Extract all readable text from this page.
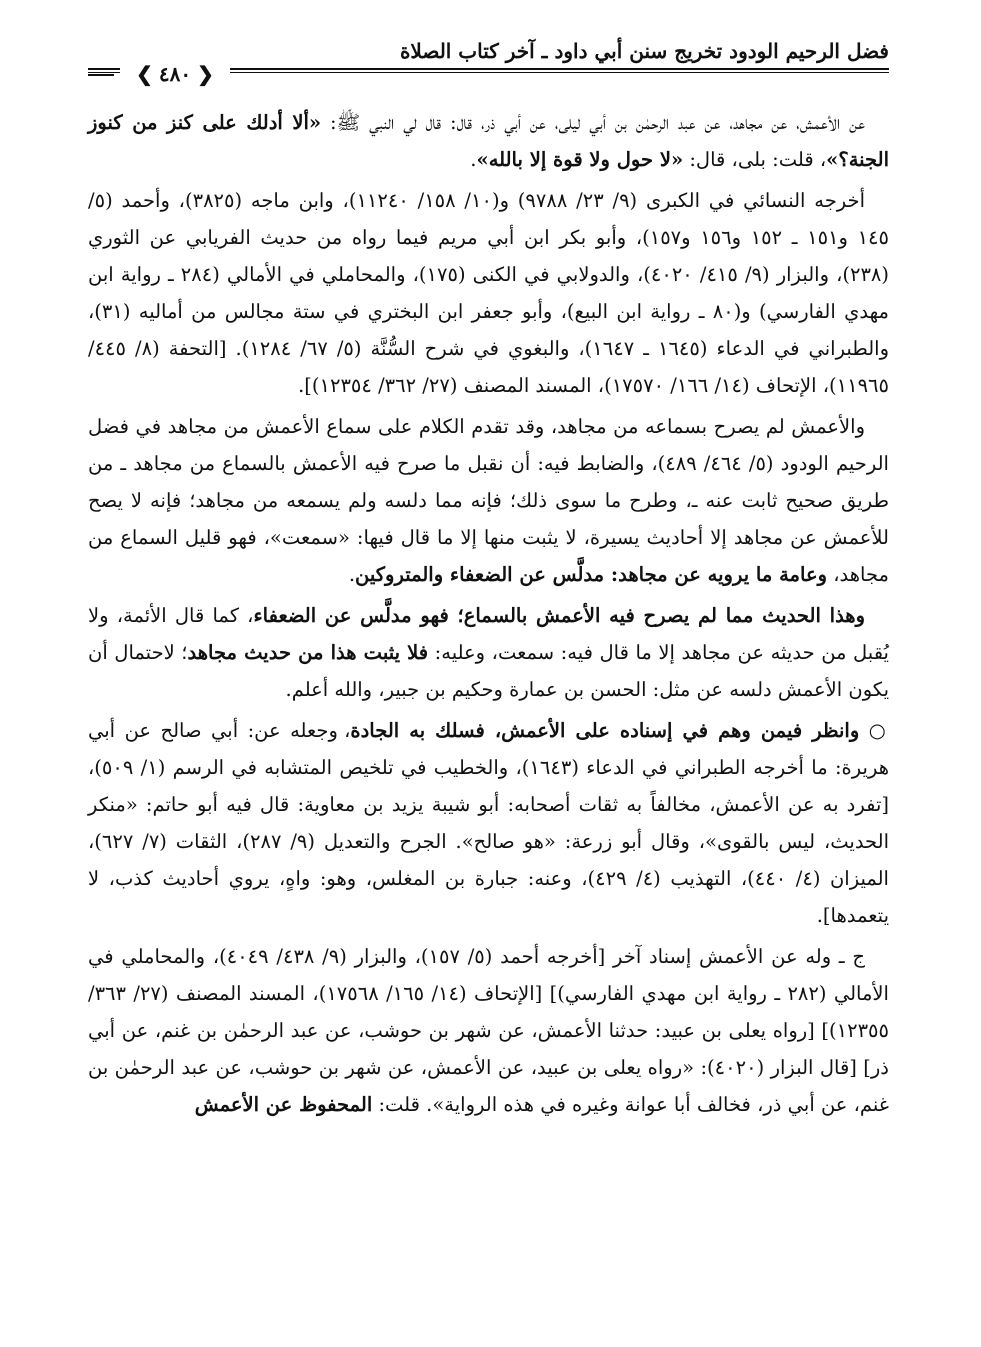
فضل الرحيم الودود تخريج سنن أبي داود ـ آخر كتاب الصلاة
❮ ٤٨٠ ❯

عن الأعمش، عن مجاهد، عن عبد الرحمٰن بن أبي ليلى، عن أبي ذر، قال: قال لي النبي ﷺ: «ألا أدلك على كنز من كنوز الجنة؟»، قلت: بلى، قال: «لا حول ولا قوة إلا بالله».

أخرجه النسائي في الكبرى (٩/ ٢٣/ ٩٧٨٨) و(١٠/ ١٥٨/ ١١٢٤٠)، وابن ماجه (٣٨٢٥)، وأحمد (٥/ ١٤٥ و١٥١ ـ ١٥٢ و١٥٦ و١٥٧)، وأبو بكر ابن أبي مريم فيما رواه من حديث الفريابي عن الثوري (٢٣٨)، والبزار (٩/ ٤١٥/ ٤٠٢٠)، والدولابي في الكنى (١٧٥)، والمحاملي في الأمالي (٢٨٤ ـ رواية ابن مهدي الفارسي) و(٨٠ ـ رواية ابن البيع)، وأبو جعفر ابن البختري في ستة مجالس من أماليه (٣١)، والطبراني في الدعاء (١٦٤٥ ـ ١٦٤٧)، والبغوي في شرح السُّنَّة (٥/ ٦٧/ ١٢٨٤). [التحفة (٨/ ٤٤٥/ ١١٩٦٥)، الإتحاف (١٤/ ١٦٦/ ١٧٥٧٠)، المسند المصنف (٢٧/ ٣٦٢/ ١٢٣٥٤)].

والأعمش لم يصرح بسماعه من مجاهد، وقد تقدم الكلام على سماع الأعمش من مجاهد في فضل الرحيم الودود (٥/ ٤٦٤/ ٤٨٩)، والضابط فيه: أن نقبل ما صرح فيه الأعمش بالسماع من مجاهد ـ من طريق صحيح ثابت عنه ـ، وطرح ما سوى ذلك؛ فإنه مما دلسه ولم يسمعه من مجاهد؛ فإنه لا يصح للأعمش عن مجاهد إلا أحاديث يسيرة، لا يثبت منها إلا ما قال فيها: «سمعت»، فهو قليل السماع من مجاهد، وعامة ما يرويه عن مجاهد: مدلَّس عن الضعفاء والمتروكين.

وهذا الحديث مما لم يصرح فيه الأعمش بالسماع؛ فهو مدلَّس عن الضعفاء، كما قال الأئمة، ولا يُقبل من حديثه عن مجاهد إلا ما قال فيه: سمعت، وعليه: فلا يثبت هذا من حديث مجاهد؛ لاحتمال أن يكون الأعمش دلسه عن مثل: الحسن بن عمارة وحكيم بن جبير، والله أعلم.

○ وانظر فيمن وهم في إسناده على الأعمش، فسلك به الجادة، وجعله عن: أبي صالح عن أبي هريرة: ما أخرجه الطبراني في الدعاء (١٦٤٣)، والخطيب في تلخيص المتشابه في الرسم (١/ ٥٠٩)، [تفرد به عن الأعمش، مخالفاً به ثقات أصحابه: أبو شيبة يزيد بن معاوية: قال فيه أبو حاتم: «منكر الحديث، ليس بالقوى»، وقال أبو زرعة: «هو صالح». الجرح والتعديل (٩/ ٢٨٧)، الثقات (٧/ ٦٢٧)، الميزان (٤/ ٤٤٠)، التهذيب (٤/ ٤٢٩)، وعنه: جبارة بن المغلس، وهو: واهٍ، يروي أحاديث كذب، لا يتعمدها].

ج ـ وله عن الأعمش إسناد آخر [أخرجه أحمد (٥/ ١٥٧)، والبزار (٩/ ٤٣٨/ ٤٠٤٩)، والمحاملي في الأمالي (٢٨٢ ـ رواية ابن مهدي الفارسي)] [الإتحاف (١٤/ ١٦٥/ ١٧٥٦٨)، المسند المصنف (٢٧/ ٣٦٣/ ١٢٣٥٥)] [رواه يعلى بن عبيد: حدثنا الأعمش، عن شهر بن حوشب، عن عبد الرحمٰن بن غنم، عن أبي ذر] [قال البزار (٤٠٢٠): «رواه يعلى بن عبيد، عن الأعمش، عن شهر بن حوشب، عن عبد الرحمٰن بن غنم، عن أبي ذر، فخالف أبا عوانة وغيره في هذه الرواية». قلت: المحفوظ عن الأعمش
